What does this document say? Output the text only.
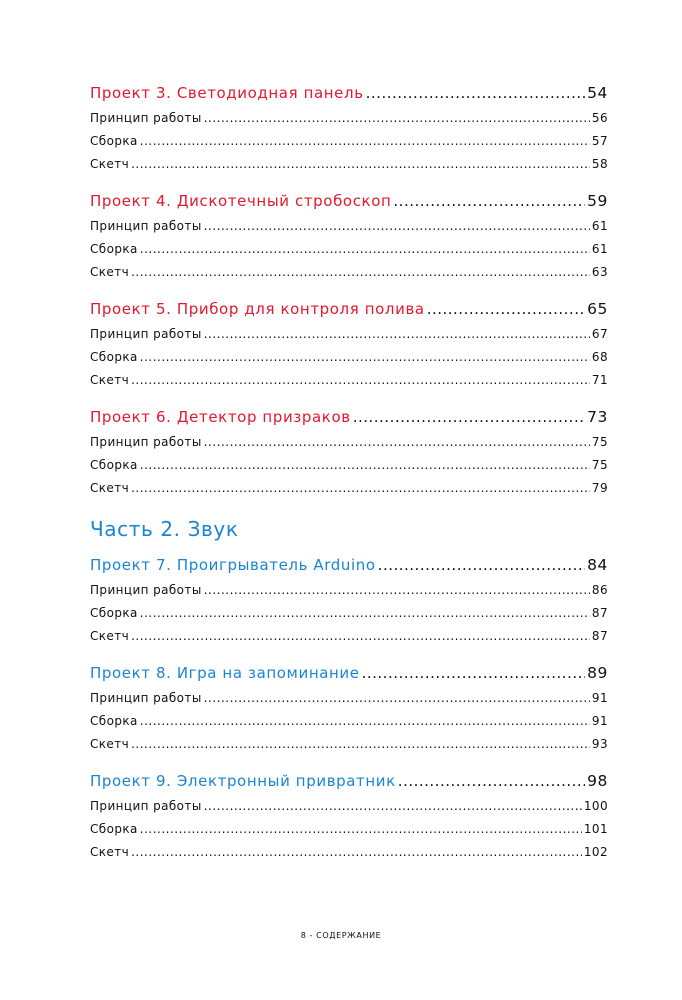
Проект 3. Светодиодная панель .....	54
Принцип работы .....	56
Сборка .....	57
Скетч .....	58
Проект 4. Дискотечный стробоскоп .....	59
Принцип работы .....	61
Сборка .....	61
Скетч .....	63
Проект 5. Прибор для контроля полива .....	65
Принцип работы .....	67
Сборка .....	68
Скетч .....	71
Проект 6. Детектор призраков .....	73
Принцип работы .....	75
Сборка .....	75
Скетч .....	79
Часть 2. Звук
Проект 7. Проигрыватель Arduino .....	84
Принцип работы .....	86
Сборка .....	87
Скетч .....	87
Проект 8. Игра на запоминание .....	89
Принцип работы .....	91
Сборка .....	91
Скетч .....	93
Проект 9. Электронный привратник .....	98
Принцип работы .....	100
Сборка .....	101
Скетч .....	102
8 - СОДЕРЖАНИЕ
